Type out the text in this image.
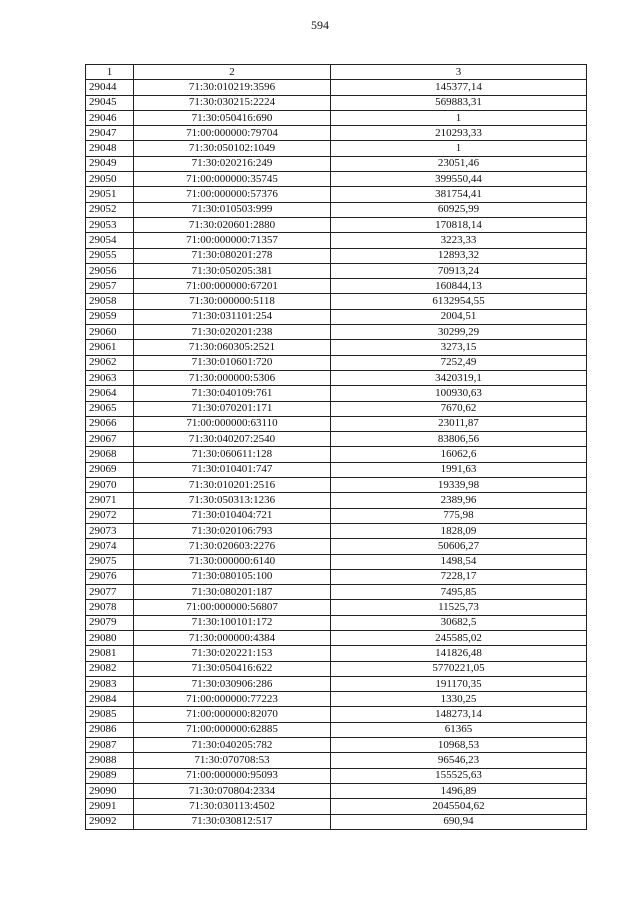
594
1	2	3
29044	71:30:010219:3596	145377,14
29045	71:30:030215:2224	569883,31
29046	71:30:050416:690	1
29047	71:00:000000:79704	210293,33
29048	71:30:050102:1049	1
29049	71:30:020216:249	23051,46
29050	71:00:000000:35745	399550,44
29051	71:00:000000:57376	381754,41
29052	71:30:010503:999	60925,99
29053	71:30:020601:2880	170818,14
29054	71:00:000000:71357	3223,33
29055	71:30:080201:278	12893,32
29056	71:30:050205:381	70913,24
29057	71:00:000000:67201	160844,13
29058	71:30:000000:5118	6132954,55
29059	71:30:031101:254	2004,51
29060	71:30:020201:238	30299,29
29061	71:30:060305:2521	3273,15
29062	71:30:010601:720	7252,49
29063	71:30:000000:5306	3420319,1
29064	71:30:040109:761	100930,63
29065	71:30:070201:171	7670,62
29066	71:00:000000:63110	23011,87
29067	71:30:040207:2540	83806,56
29068	71:30:060611:128	16062,6
29069	71:30:010401:747	1991,63
29070	71:30:010201:2516	19339,98
29071	71:30:050313:1236	2389,96
29072	71:30:010404:721	775,98
29073	71:30:020106:793	1828,09
29074	71:30:020603:2276	50606,27
29075	71:30:000000:6140	1498,54
29076	71:30:080105:100	7228,17
29077	71:30:080201:187	7495,85
29078	71:00:000000:56807	11525,73
29079	71:30:100101:172	30682,5
29080	71:30:000000:4384	245585,02
29081	71:30:020221:153	141826,48
29082	71:30:050416:622	5770221,05
29083	71:30:030906:286	191170,35
29084	71:00:000000:77223	1330,25
29085	71:00:000000:82070	148273,14
29086	71:00:000000:62885	61365
29087	71:30:040205:782	10968,53
29088	71:30:070708:53	96546,23
29089	71:00:000000:95093	155525,63
29090	71:30:070804:2334	1496,89
29091	71:30:030113:4502	2045504,62
29092	71:30:030812:517	690,94
